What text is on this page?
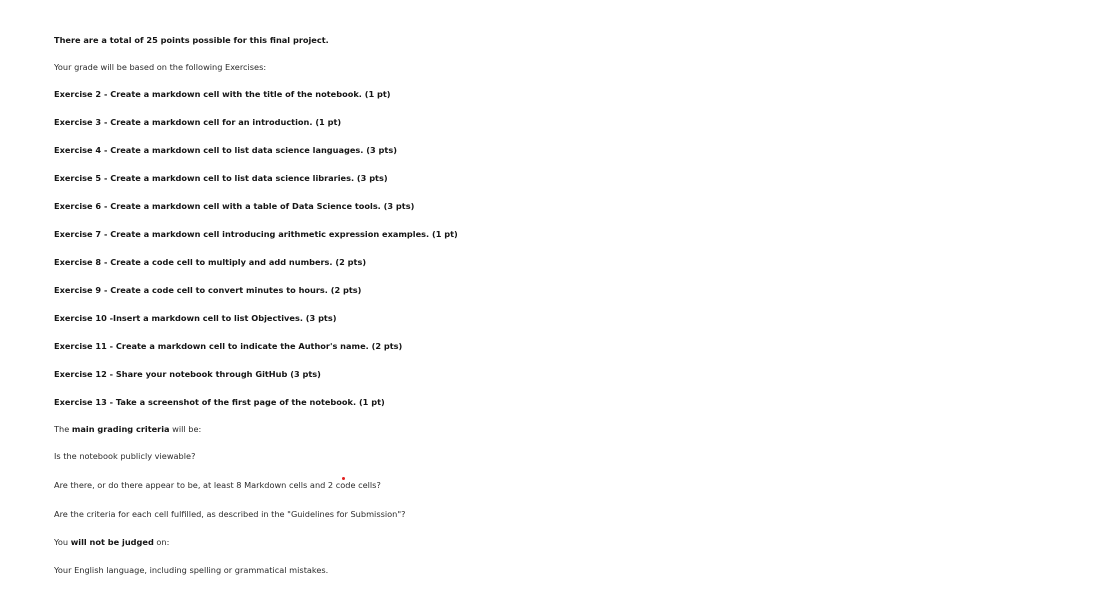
There are a total of 25 points possible for this final project.
Your grade will be based on the following Exercises:
Exercise 2 - Create a markdown cell with the title of the notebook. (1 pt)
Exercise 3 - Create a markdown cell for an introduction. (1 pt)
Exercise 4 - Create a markdown cell to list data science languages. (3 pts)
Exercise 5 - Create a markdown cell to list data science libraries. (3 pts)
Exercise 6 - Create a markdown cell with a table of Data Science tools. (3 pts)
Exercise 7 - Create a markdown cell introducing arithmetic expression examples. (1 pt)
Exercise 8 - Create a code cell to multiply and add numbers. (2 pts)
Exercise 9 - Create a code cell to convert minutes to hours. (2 pts)
Exercise 10 -Insert a markdown cell to list Objectives. (3 pts)
Exercise 11 - Create a markdown cell to indicate the Author's name. (2 pts)
Exercise 12 - Share your notebook through GitHub (3 pts)
Exercise 13 - Take a screenshot of the first page of the notebook. (1 pt)
The main grading criteria will be:
Is the notebook publicly viewable?
Are there, or do there appear to be, at least 8 Markdown cells and 2 code cells?
Are the criteria for each cell fulfilled, as described in the "Guidelines for Submission"?
You will not be judged on:
Your English language, including spelling or grammatical mistakes.
